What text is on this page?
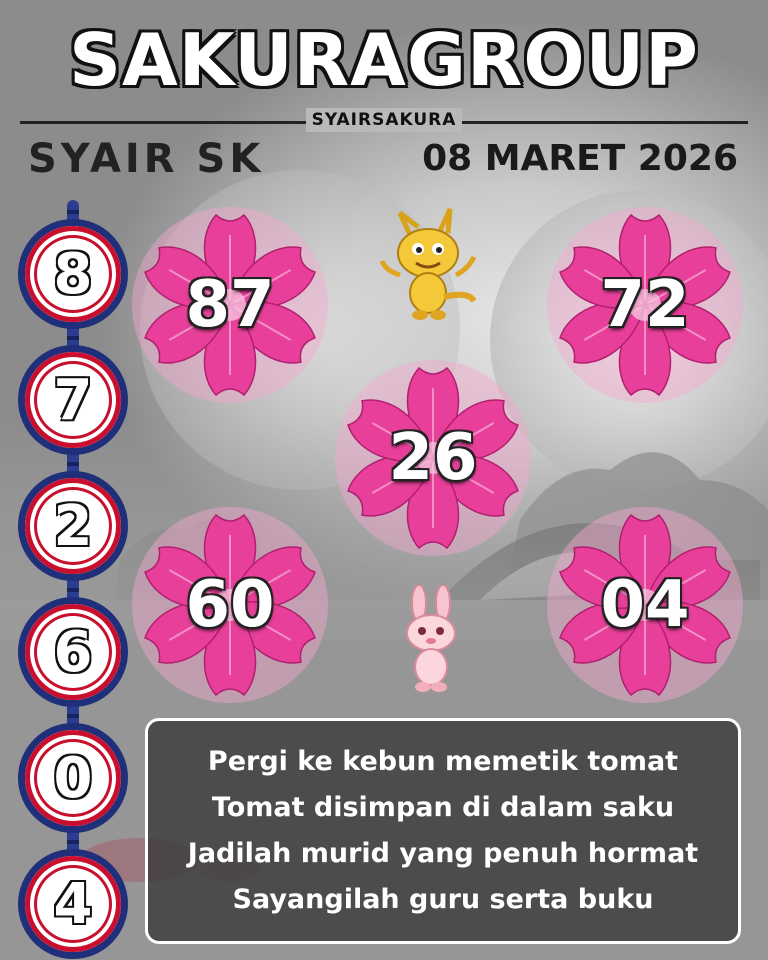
SAKURAGROUP
SYAIRSAKURA
SYAIR SK	08 MARET 2026
8
7
2
6
0
4
87	72
26
60	04
Pergi ke kebun memetik tomat
Tomat disimpan di dalam saku
Jadilah murid yang penuh hormat
Sayangilah guru serta buku
